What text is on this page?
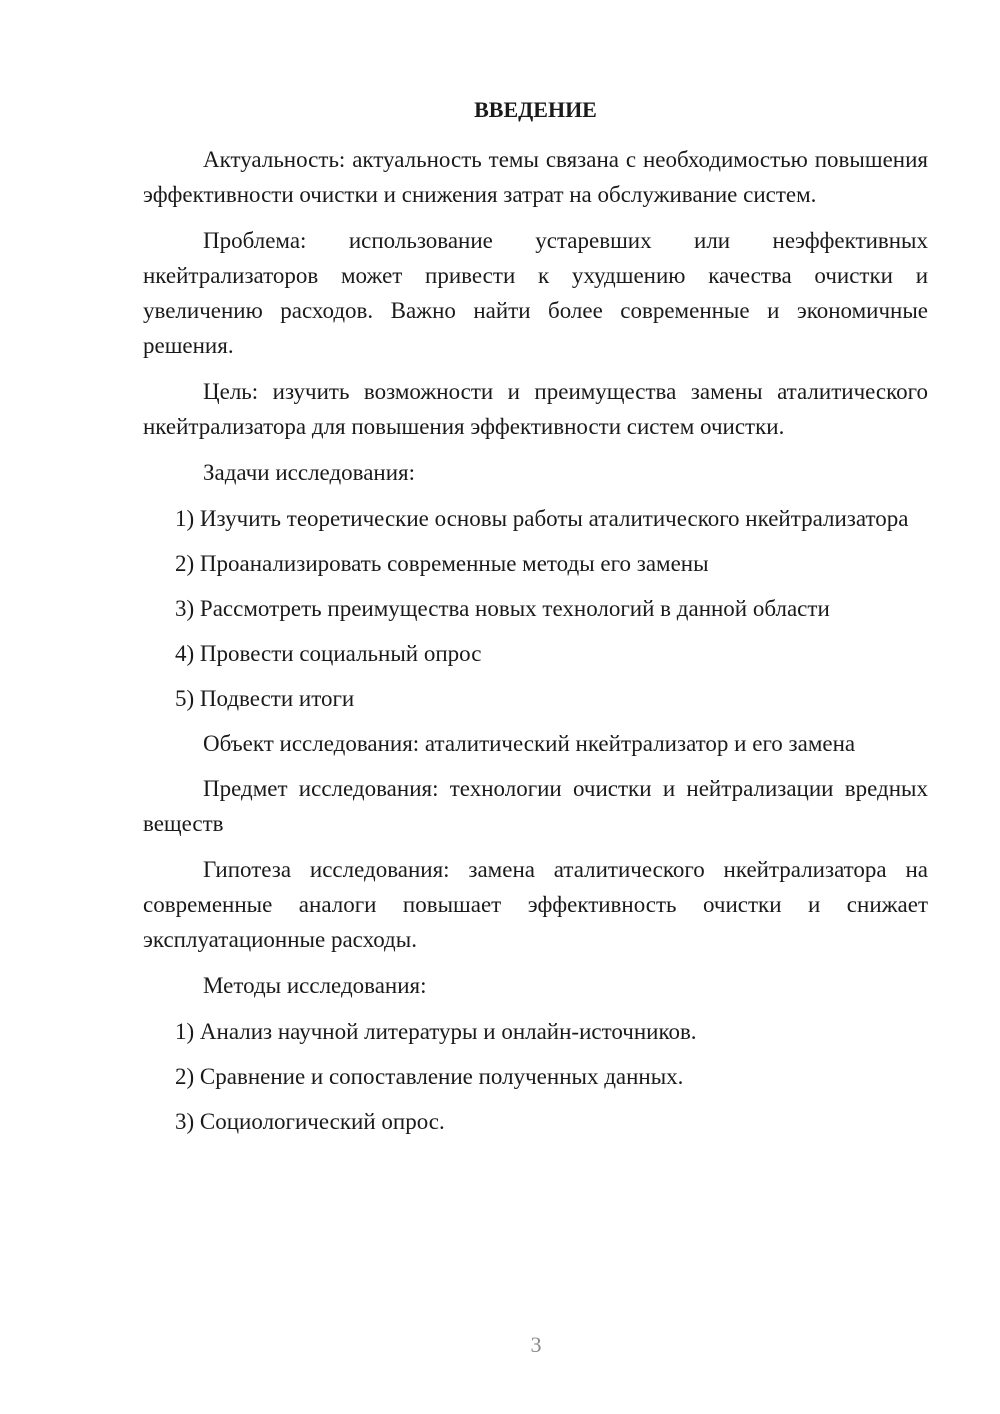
ВВЕДЕНИЕ

Актуальность: актуальность темы связана с необходимостью повышения эффективности очистки и снижения затрат на обслуживание систем.

Проблема: использование устаревших или неэффективных нкейтрализаторов может привести к ухудшению качества очистки и увеличению расходов. Важно найти более современные и экономичные решения.

Цель: изучить возможности и преимущества замены аталитического нкейтрализатора для повышения эффективности систем очистки.

Задачи исследования:

1) Изучить теоретические основы работы аталитического нкейтрализатора

2) Проанализировать современные методы его замены

3) Рассмотреть преимущества новых технологий в данной области

4) Провести социальный опрос

5) Подвести итоги

Объект исследования: аталитический нкейтрализатор и его замена

Предмет исследования: технологии очистки и нейтрализации вредных веществ

Гипотеза исследования: замена аталитического нкейтрализатора на современные аналоги повышает эффективность очистки и снижает эксплуатационные расходы.

Методы исследования:

1) Анализ научной литературы и онлайн-источников.

2) Сравнение и сопоставление полученных данных.

3) Социологический опрос.

3
